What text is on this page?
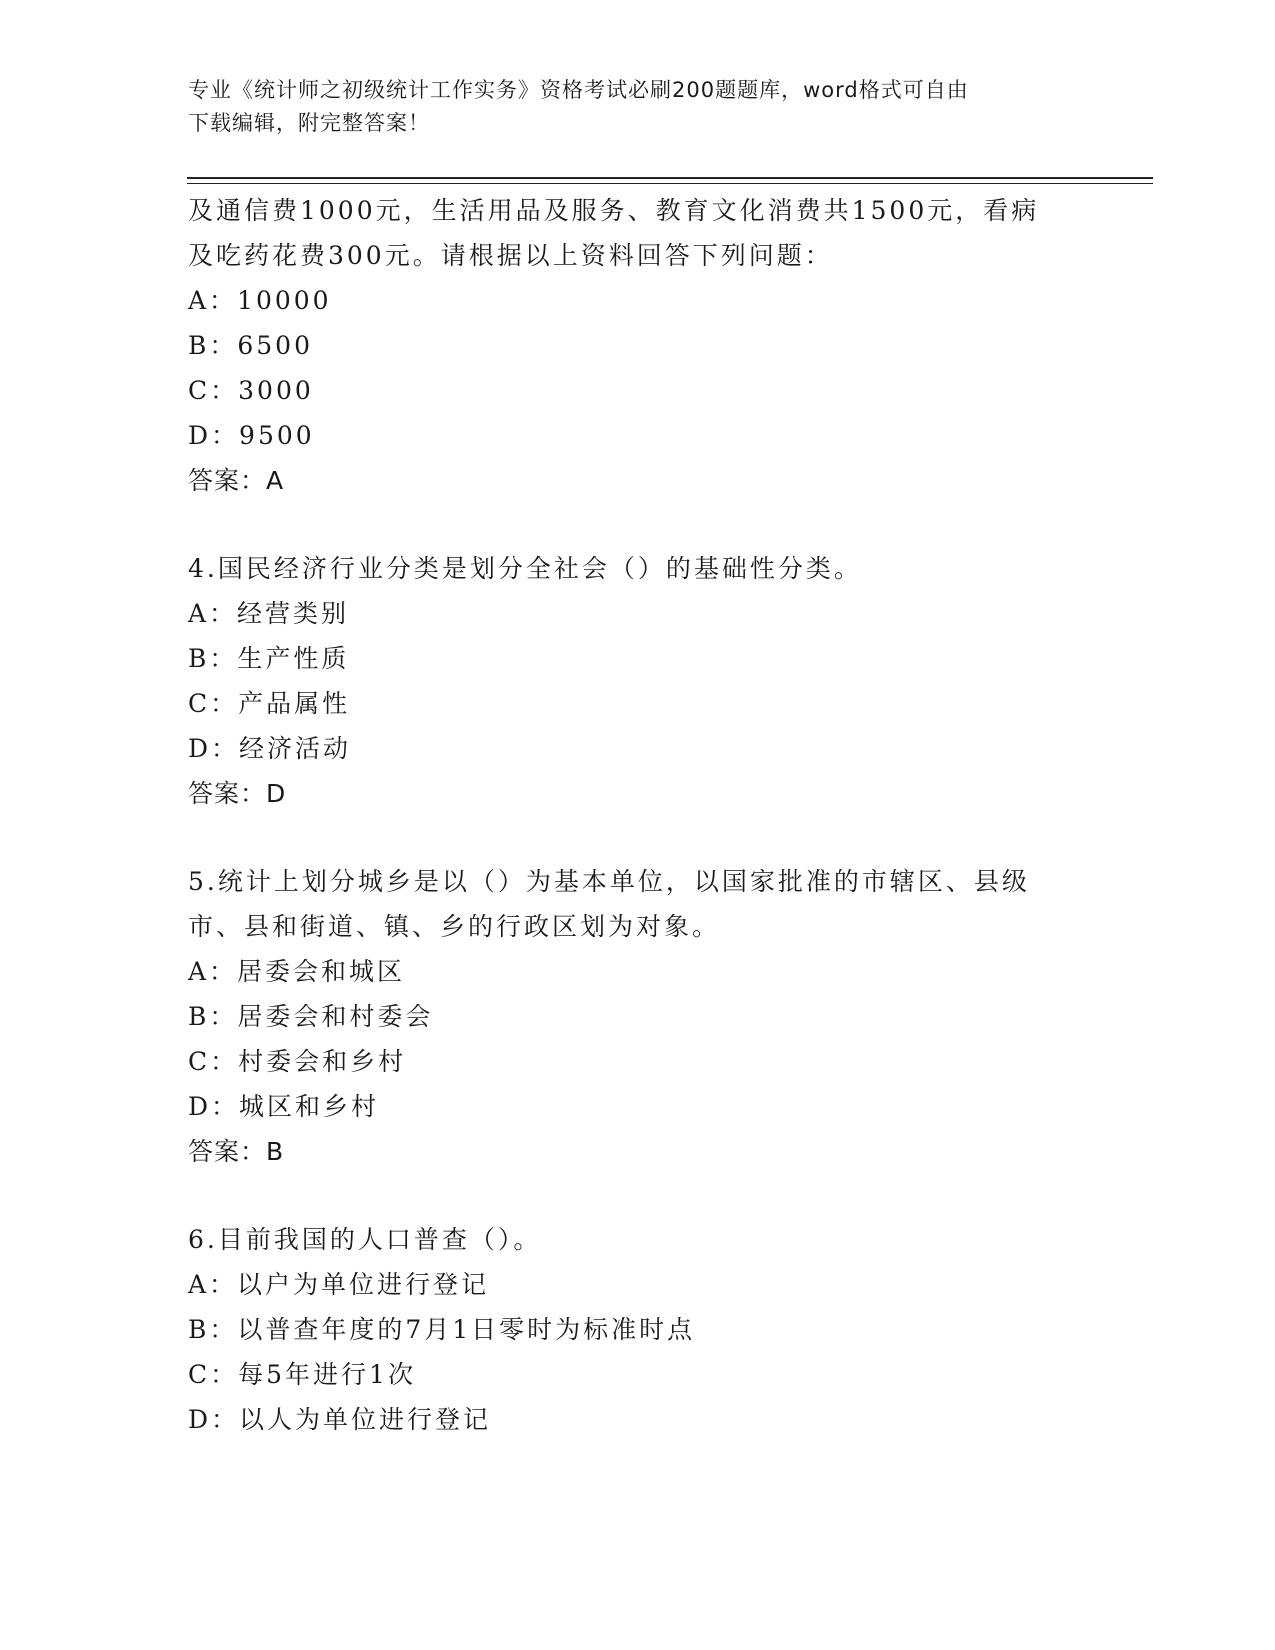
专业《统计师之初级统计工作实务》资格考试必刷200题题库，word格式可自由
下载编辑，附完整答案！
及通信费1000元，生活用品及服务、教育文化消费共1500元，看病
及吃药花费300元。请根据以上资料回答下列问题：
A：10000
B：6500
C：3000
D：9500
答案：A
4.国民经济行业分类是划分全社会（）的基础性分类。
A：经营类别
B：生产性质
C：产品属性
D：经济活动
答案：D
5.统计上划分城乡是以（）为基本单位，以国家批准的市辖区、县级
市、县和街道、镇、乡的行政区划为对象。
A：居委会和城区
B：居委会和村委会
C：村委会和乡村
D：城区和乡村
答案：B
6.目前我国的人口普查（）。
A：以户为单位进行登记
B：以普查年度的7月1日零时为标准时点
C：每5年进行1次
D：以人为单位进行登记
